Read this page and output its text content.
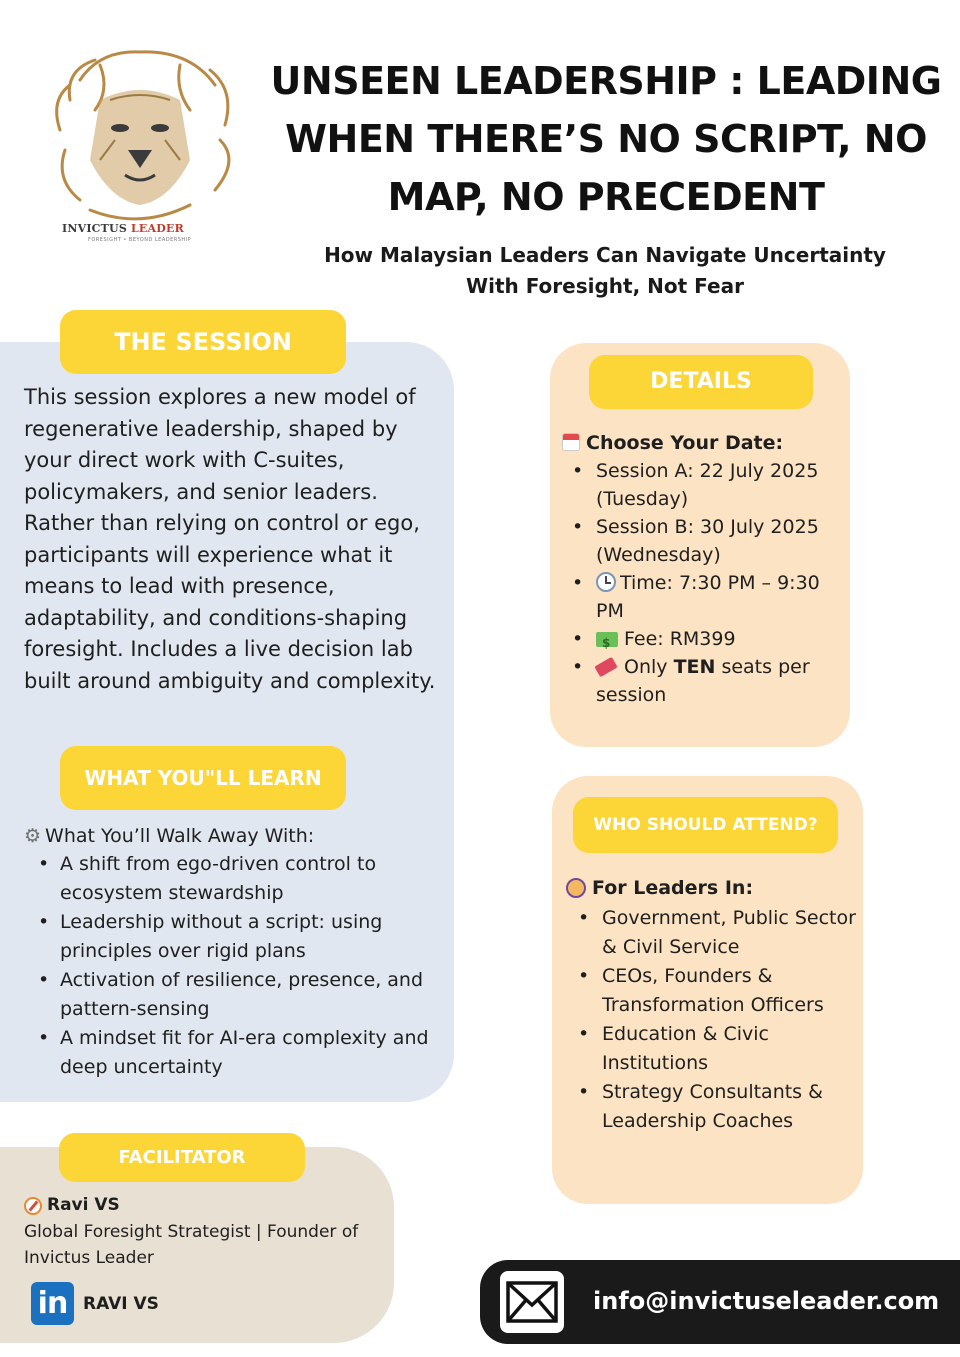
INVICTUS LEADER
FORESIGHT • BEYOND LEADERSHIP
UNSEEN LEADERSHIP : LEADING
WHEN THERE’S NO SCRIPT, NO
MAP, NO PRECEDENT
How Malaysian Leaders Can Navigate Uncertainty
With Foresight, Not Fear
THE SESSION
This session explores a new model of regenerative leadership, shaped by your direct work with C-suites, policymakers, and senior leaders. Rather than relying on control or ego, participants will experience what it means to lead with presence, adaptability, and conditions-shaping foresight. Includes a live decision lab built around ambiguity and complexity.
WHAT YOU"LL LEARN
⚙ What You’ll Walk Away With:
• A shift from ego-driven control to ecosystem stewardship
• Leadership without a script: using principles over rigid plans
• Activation of resilience, presence, and pattern-sensing
• A mindset fit for AI-era complexity and deep uncertainty
DETAILS
Choose Your Date:
• Session A: 22 July 2025 (Tuesday)
• Session B: 30 July 2025 (Wednesday)
• Time: 7:30 PM – 9:30 PM
$• Fee: RM399
• Only TEN seats per session
WHO SHOULD ATTEND?
For Leaders In:
• Government, Public Sector & Civil Service
• CEOs, Founders & Transformation Officers
• Education & Civic Institutions
• Strategy Consultants & Leadership Coaches
FACILITATOR
Ravi VS
Global Foresight Strategist | Founder of Invictus Leader
in RAVI VS	info@invictuseleader.com
